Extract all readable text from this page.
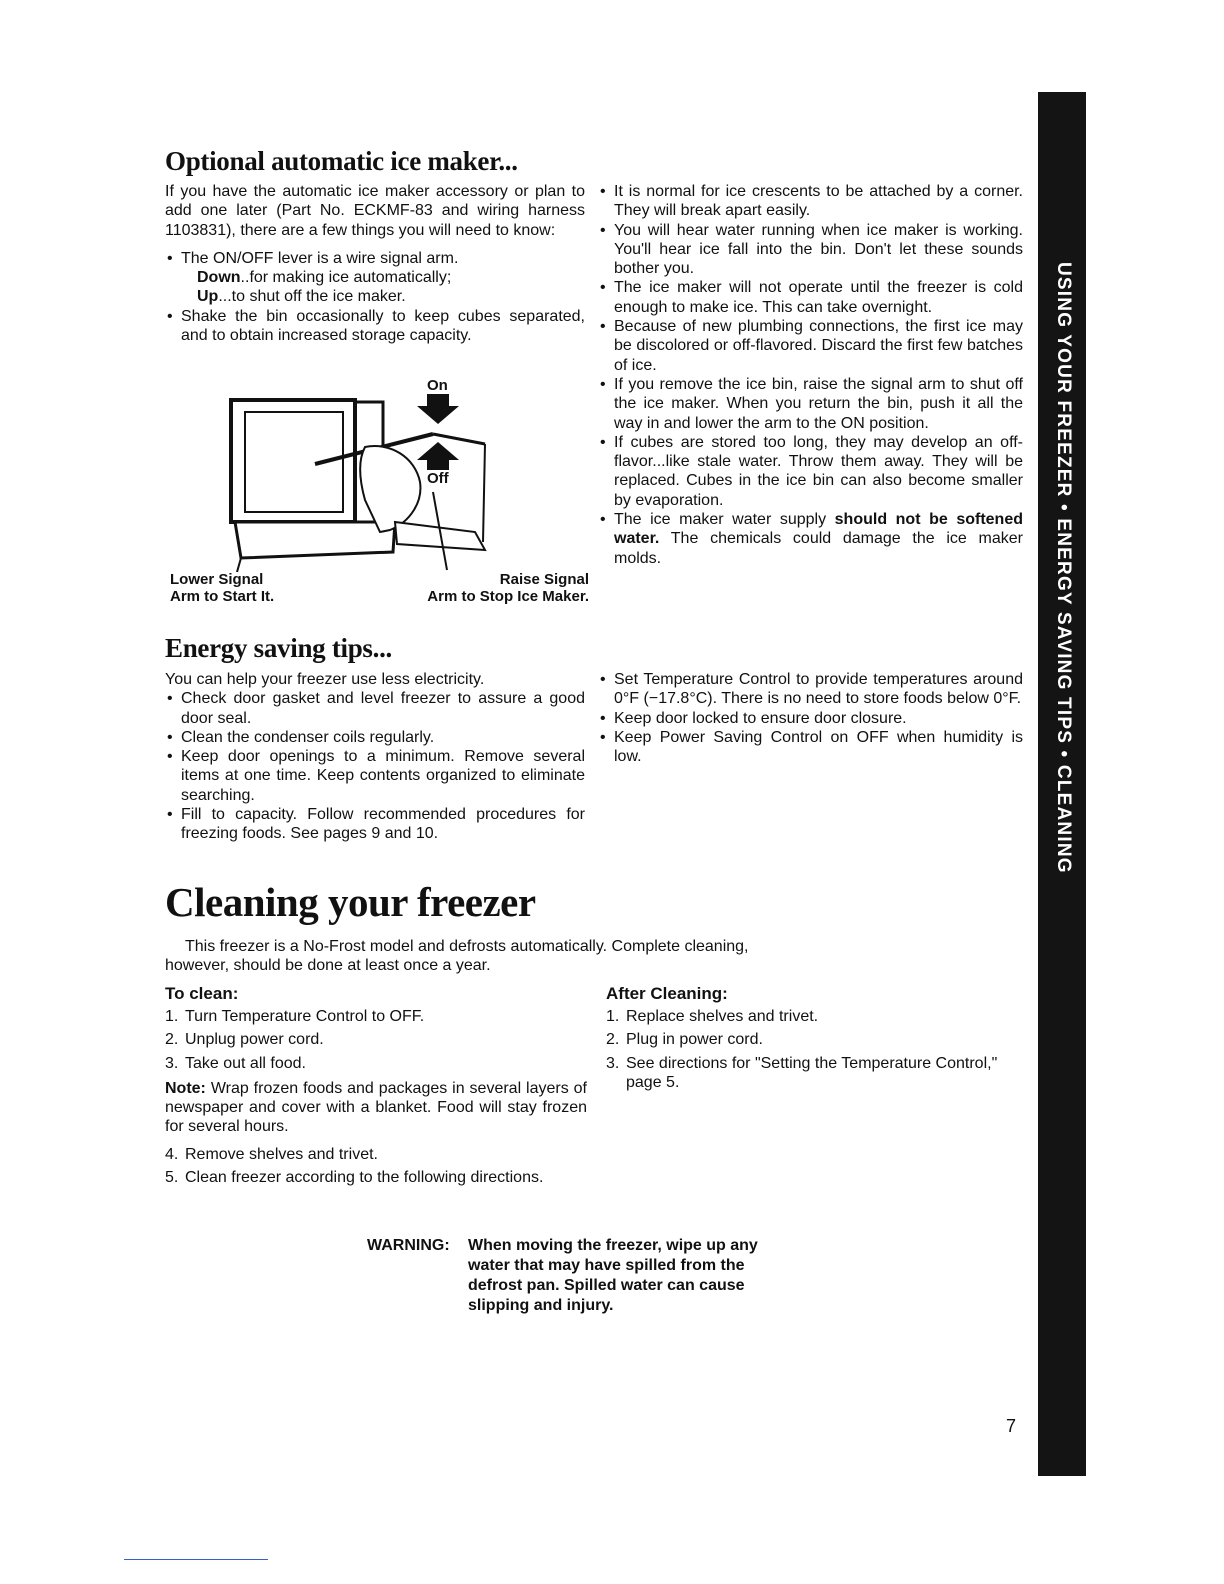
USING YOUR FREEZER • ENERGY SAVING TIPS • CLEANING
Optional automatic ice maker...

If you have the automatic ice maker accessory or plan to add one later (Part No. ECKMF-83 and wiring harness 1103831), there are a few things you will need to know:

• The ON/OFF lever is a wire signal arm.

Down..for making ice automatically;

Up...to shut off the ice maker.

• Shake the bin occasionally to keep cubes separated, and to obtain increased storage capacity.

On
Off
Lower Signal
Arm to Start It.
Raise Signal
Arm to Stop Ice Maker.

• It is normal for ice crescents to be attached by a corner. They will break apart easily.

• You will hear water running when ice maker is working. You'll hear ice fall into the bin. Don't let these sounds bother you.

• The ice maker will not operate until the freezer is cold enough to make ice. This can take overnight.

• Because of new plumbing connections, the first ice may be discolored or off-flavored. Discard the first few batches of ice.

• If you remove the ice bin, raise the signal arm to shut off the ice maker. When you return the bin, push it all the way in and lower the arm to the ON position.

• If cubes are stored too long, they may develop an off-flavor...like stale water. Throw them away. They will be replaced. Cubes in the ice bin can also become smaller by evaporation.

• The ice maker water supply should not be softened water. The chemicals could damage the ice maker molds.

Energy saving tips...

You can help your freezer use less electricity.

• Check door gasket and level freezer to assure a good door seal.

• Clean the condenser coils regularly.

• Keep door openings to a minimum. Remove several items at one time. Keep contents organized to eliminate searching.

• Fill to capacity. Follow recommended procedures for freezing foods. See pages 9 and 10.

• Set Temperature Control to provide temperatures around 0°F (−17.8°C). There is no need to store foods below 0°F.

• Keep door locked to ensure door closure.

• Keep Power Saving Control on OFF when humidity is low.

Cleaning your freezer

This freezer is a No-Frost model and defrosts automatically. Complete cleaning, however, should be done at least once a year.

To clean:

1. Turn Temperature Control to OFF.

2. Unplug power cord.

3. Take out all food.

Note: Wrap frozen foods and packages in several layers of newspaper and cover with a blanket. Food will stay frozen for several hours.

4. Remove shelves and trivet.

5. Clean freezer according to the following directions.

After Cleaning:

1. Replace shelves and trivet.

2. Plug in power cord.

3. See directions for "Setting the Temperature Control," page 5.

WARNING: When moving the freezer, wipe up any water that may have spilled from the defrost pan. Spilled water can cause slipping and injury.
7
